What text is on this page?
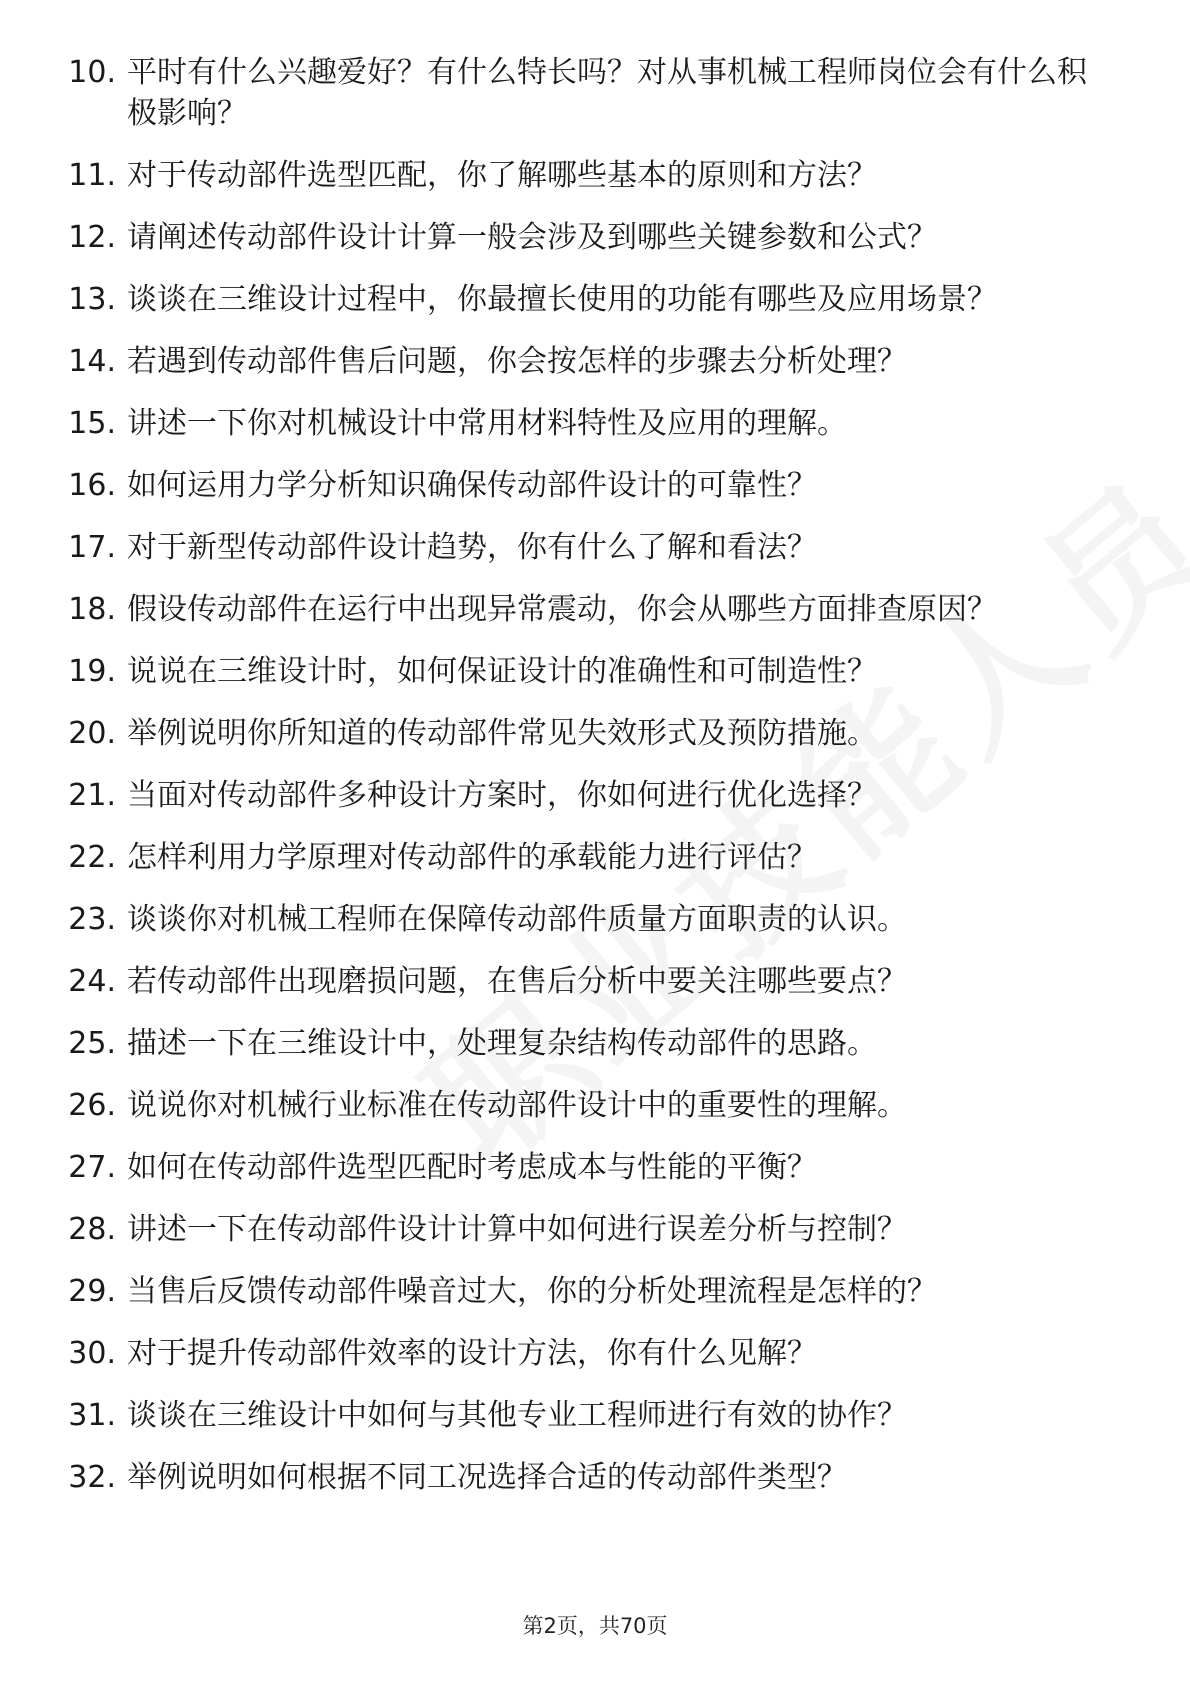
10. 平时有什么兴趣爱好？有什么特长吗？对从事机械工程师岗位会有什么积极影响？
11. 对于传动部件选型匹配，你了解哪些基本的原则和方法？
12. 请阐述传动部件设计计算一般会涉及到哪些关键参数和公式？
13. 谈谈在三维设计过程中，你最擅长使用的功能有哪些及应用场景？
14. 若遇到传动部件售后问题，你会按怎样的步骤去分析处理？
15. 讲述一下你对机械设计中常用材料特性及应用的理解。
16. 如何运用力学分析知识确保传动部件设计的可靠性？
17. 对于新型传动部件设计趋势，你有什么了解和看法？
18. 假设传动部件在运行中出现异常震动，你会从哪些方面排查原因？
19. 说说在三维设计时，如何保证设计的准确性和可制造性？
20. 举例说明你所知道的传动部件常见失效形式及预防措施。
21. 当面对传动部件多种设计方案时，你如何进行优化选择？
22. 怎样利用力学原理对传动部件的承载能力进行评估？
23. 谈谈你对机械工程师在保障传动部件质量方面职责的认识。
24. 若传动部件出现磨损问题，在售后分析中要关注哪些要点？
25. 描述一下在三维设计中，处理复杂结构传动部件的思路。
26. 说说你对机械行业标准在传动部件设计中的重要性的理解。
27. 如何在传动部件选型匹配时考虑成本与性能的平衡？
28. 讲述一下在传动部件设计计算中如何进行误差分析与控制？
29. 当售后反馈传动部件噪音过大，你的分析处理流程是怎样的？
30. 对于提升传动部件效率的设计方法，你有什么见解？
31. 谈谈在三维设计中如何与其他专业工程师进行有效的协作？
32. 举例说明如何根据不同工况选择合适的传动部件类型？
第2页，共70页
